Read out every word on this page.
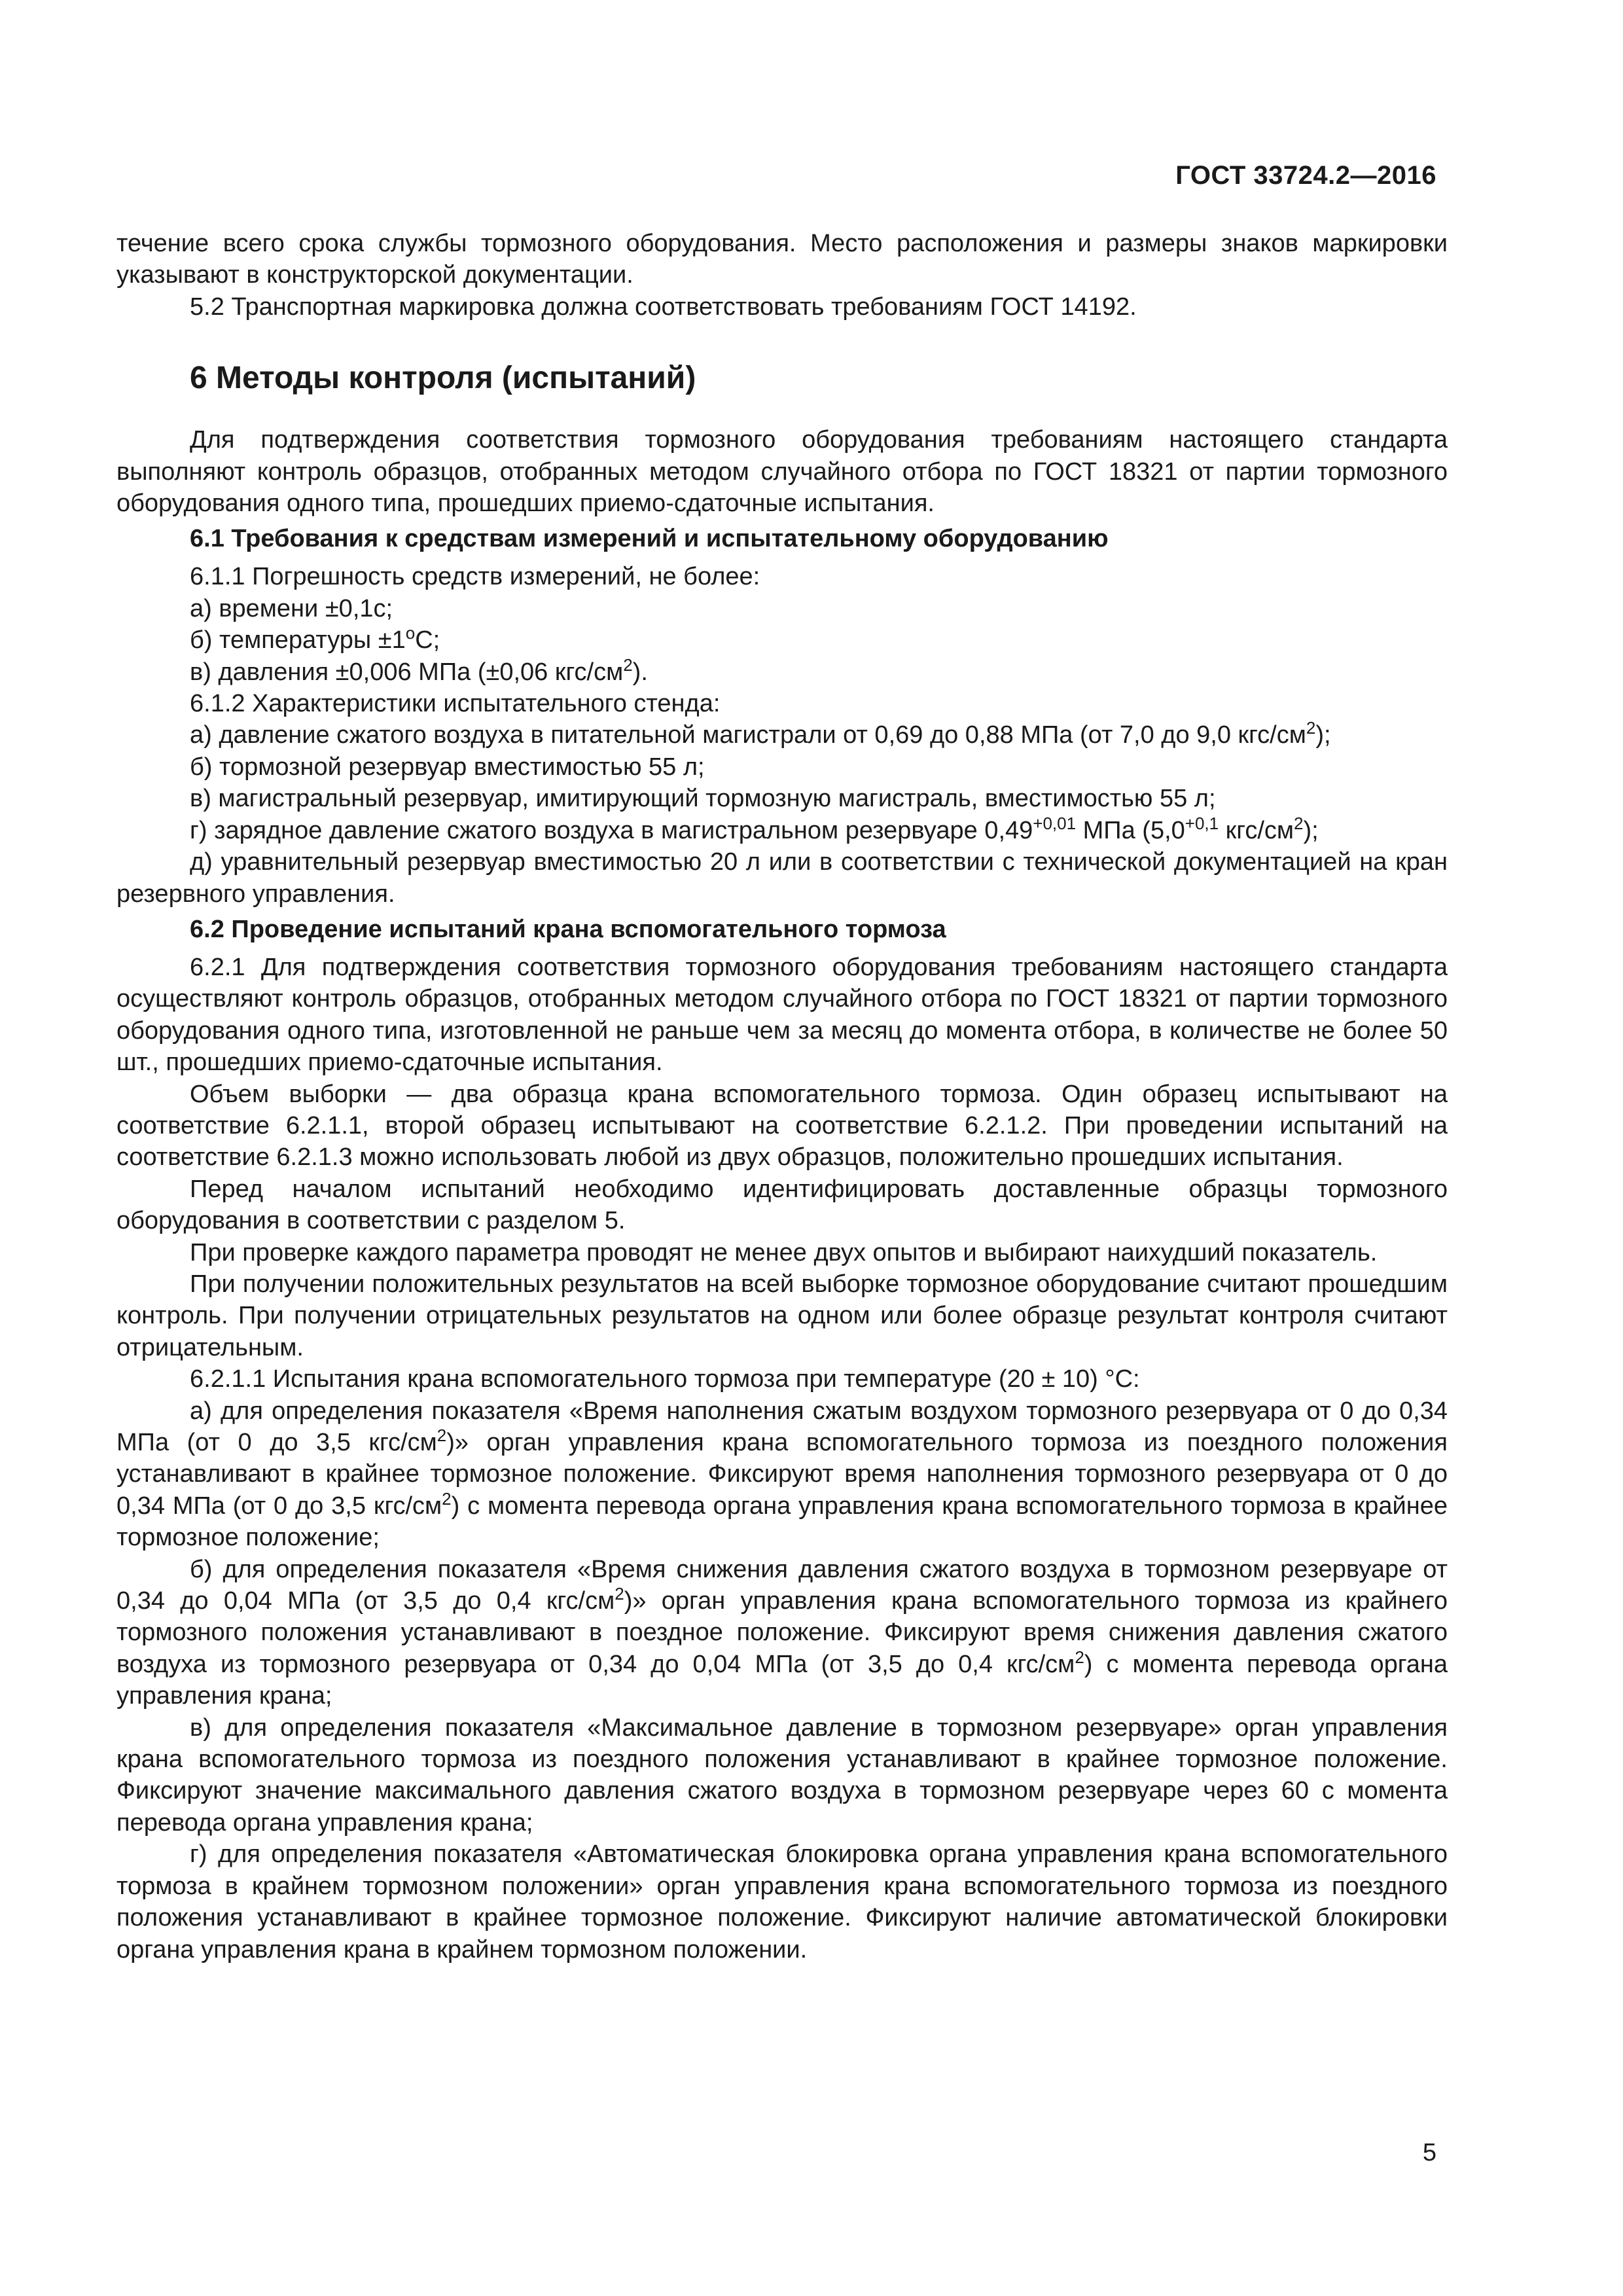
ГОСТ 33724.2—2016

течение всего срока службы тормозного оборудования. Место расположения и размеры знаков маркировки указывают в конструкторской документации.

5.2 Транспортная маркировка должна соответствовать требованиям ГОСТ 14192.

6 Методы контроля (испытаний)

Для подтверждения соответствия тормозного оборудования требованиям настоящего стандарта выполняют контроль образцов, отобранных методом случайного отбора по ГОСТ 18321 от партии тормозного оборудования одного типа, прошедших приемо-сдаточные испытания.

6.1 Требования к средствам измерений и испытательному оборудованию

6.1.1 Погрешность средств измерений, не более:

а) времени ±0,1с;

б) температуры $\pm 1^оС$;

в) давления ±0,006 МПа (±0,06 кгс/$см^2$).

6.1.2 Характеристики испытательного стенда:

а) давление сжатого воздуха в питательной магистрали от 0,69 до 0,88 МПа (от 7,0 до 9,0 кгс/$см^2$);

б) тормозной резервуар вместимостью 55 л;

в) магистральный резервуар, имитирующий тормозную магистраль, вместимостью 55 л;

г) зарядное давление сжатого воздуха в магистральном резервуаре $0,49^{+0,01}$ МПа ($5,0^{+0,1}$ кгс/$см^2$);

д) уравнительный резервуар вместимостью 20 л или в соответствии с технической документацией на кран резервного управления.

6.2 Проведение испытаний крана вспомогательного тормоза

6.2.1 Для подтверждения соответствия тормозного оборудования требованиям настоящего стандарта осуществляют контроль образцов, отобранных методом случайного отбора по ГОСТ 18321 от партии тормозного оборудования одного типа, изготовленной не раньше чем за месяц до момента отбора, в количестве не более 50 шт., прошедших приемо-сдаточные испытания.

Объем выборки — два образца крана вспомогательного тормоза. Один образец испытывают на соответствие 6.2.1.1, второй образец испытывают на соответствие 6.2.1.2. При проведении испытаний на соответствие 6.2.1.3 можно использовать любой из двух образцов, положительно прошедших испытания.

Перед началом испытаний необходимо идентифицировать доставленные образцы тормозного оборудования в соответствии с разделом 5.

При проверке каждого параметра проводят не менее двух опытов и выбирают наихудший показатель.

При получении положительных результатов на всей выборке тормозное оборудование считают прошедшим контроль. При получении отрицательных результатов на одном или более образце результат контроля считают отрицательным.

6.2.1.1 Испытания крана вспомогательного тормоза при температуре (20 ± 10) °С:

а) для определения показателя «Время наполнения сжатым воздухом тормозного резервуара от 0 до 0,34 МПа (от 0 до 3,5 кгс/$см^2$)» орган управления крана вспомогательного тормоза из поездного положения устанавливают в крайнее тормозное положение. Фиксируют время наполнения тормозного резервуара от 0 до 0,34 МПа (от 0 до 3,5 кгс/$см^2$) с момента перевода органа управления крана вспомогательного тормоза в крайнее тормозное положение;

б) для определения показателя «Время снижения давления сжатого воздуха в тормозном резервуаре от 0,34 до 0,04 МПа (от 3,5 до 0,4 кгс/$см^2$)» орган управления крана вспомогательного тормоза из крайнего тормозного положения устанавливают в поездное положение. Фиксируют время снижения давления сжатого воздуха из тормозного резервуара от 0,34 до 0,04 МПа (от 3,5 до 0,4 кгс/$см^2$) с момента перевода органа управления крана;

в) для определения показателя «Максимальное давление в тормозном резервуаре» орган управления крана вспомогательного тормоза из поездного положения устанавливают в крайнее тормозное положение. Фиксируют значение максимального давления сжатого воздуха в тормозном резервуаре через 60 с момента перевода органа управления крана;

г) для определения показателя «Автоматическая блокировка органа управления крана вспомогательного тормоза в крайнем тормозном положении» орган управления крана вспомогательного тормоза из поездного положения устанавливают в крайнее тормозное положение. Фиксируют наличие автоматической блокировки органа управления крана в крайнем тормозном положении.

5
